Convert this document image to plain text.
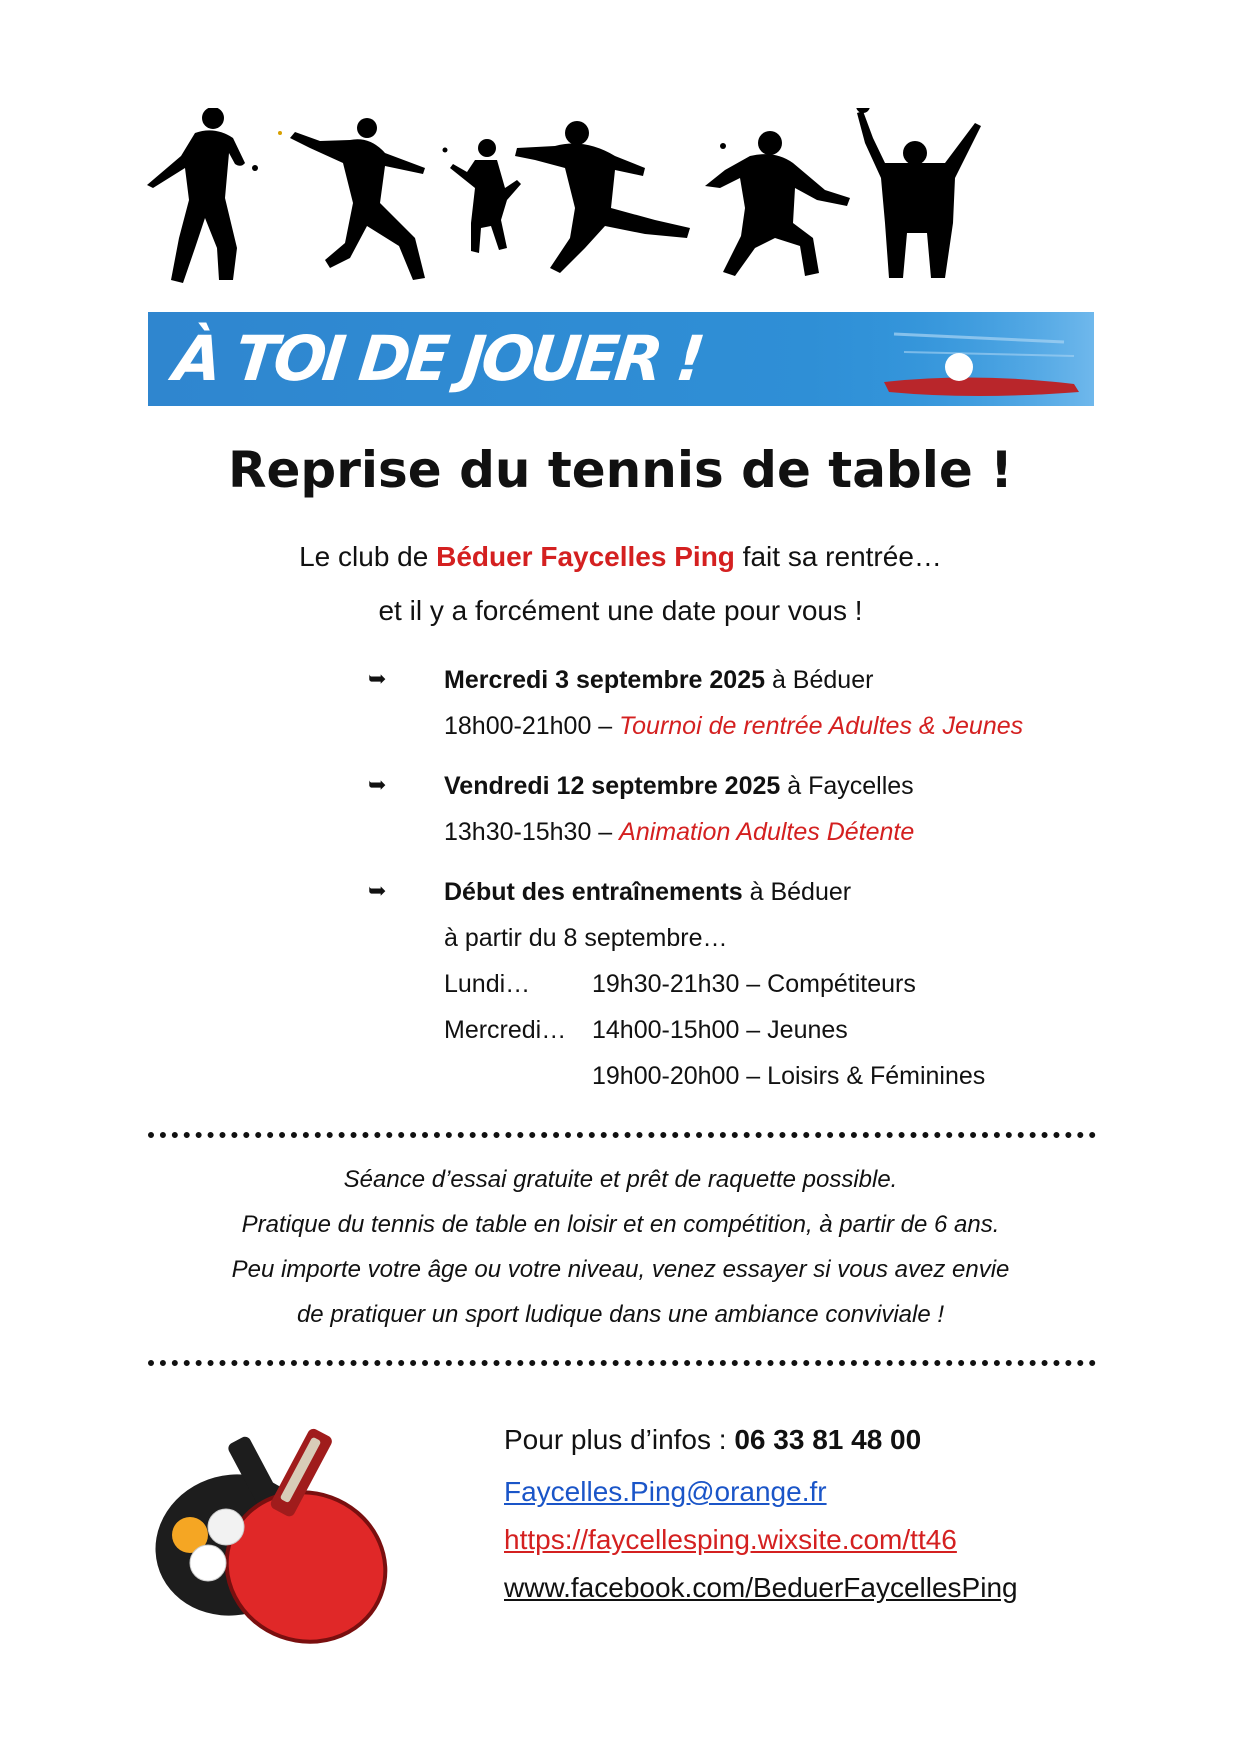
À TOI DE JOUER !
Reprise du tennis de table !
Le club de Béduer Faycelles Ping fait sa rentrée…
et il y a forcément une date pour vous !
➥ Mercredi 3 septembre 2025 à Béduer
18h00-21h00 – Tournoi de rentrée Adultes & Jeunes
➥ Vendredi 12 septembre 2025 à Faycelles
13h30-15h30 – Animation Adultes Détente
➥ Début des entraînements à Béduer
à partir du 8 septembre…
Lundi… 19h30-21h30 – Compétiteurs
Mercredi… 14h00-15h00 – Jeunes
19h00-20h00 – Loisirs & Féminines
Séance d’essai gratuite et prêt de raquette possible.
Pratique du tennis de table en loisir et en compétition, à partir de 6 ans.
Peu importe votre âge ou votre niveau, venez essayer si vous avez envie
de pratiquer un sport ludique dans une ambiance conviviale !
Pour plus d’infos : 06 33 81 48 00
Faycelles.Ping@orange.fr
https://faycellesping.wixsite.com/tt46
www.facebook.com/BeduerFaycellesPing
